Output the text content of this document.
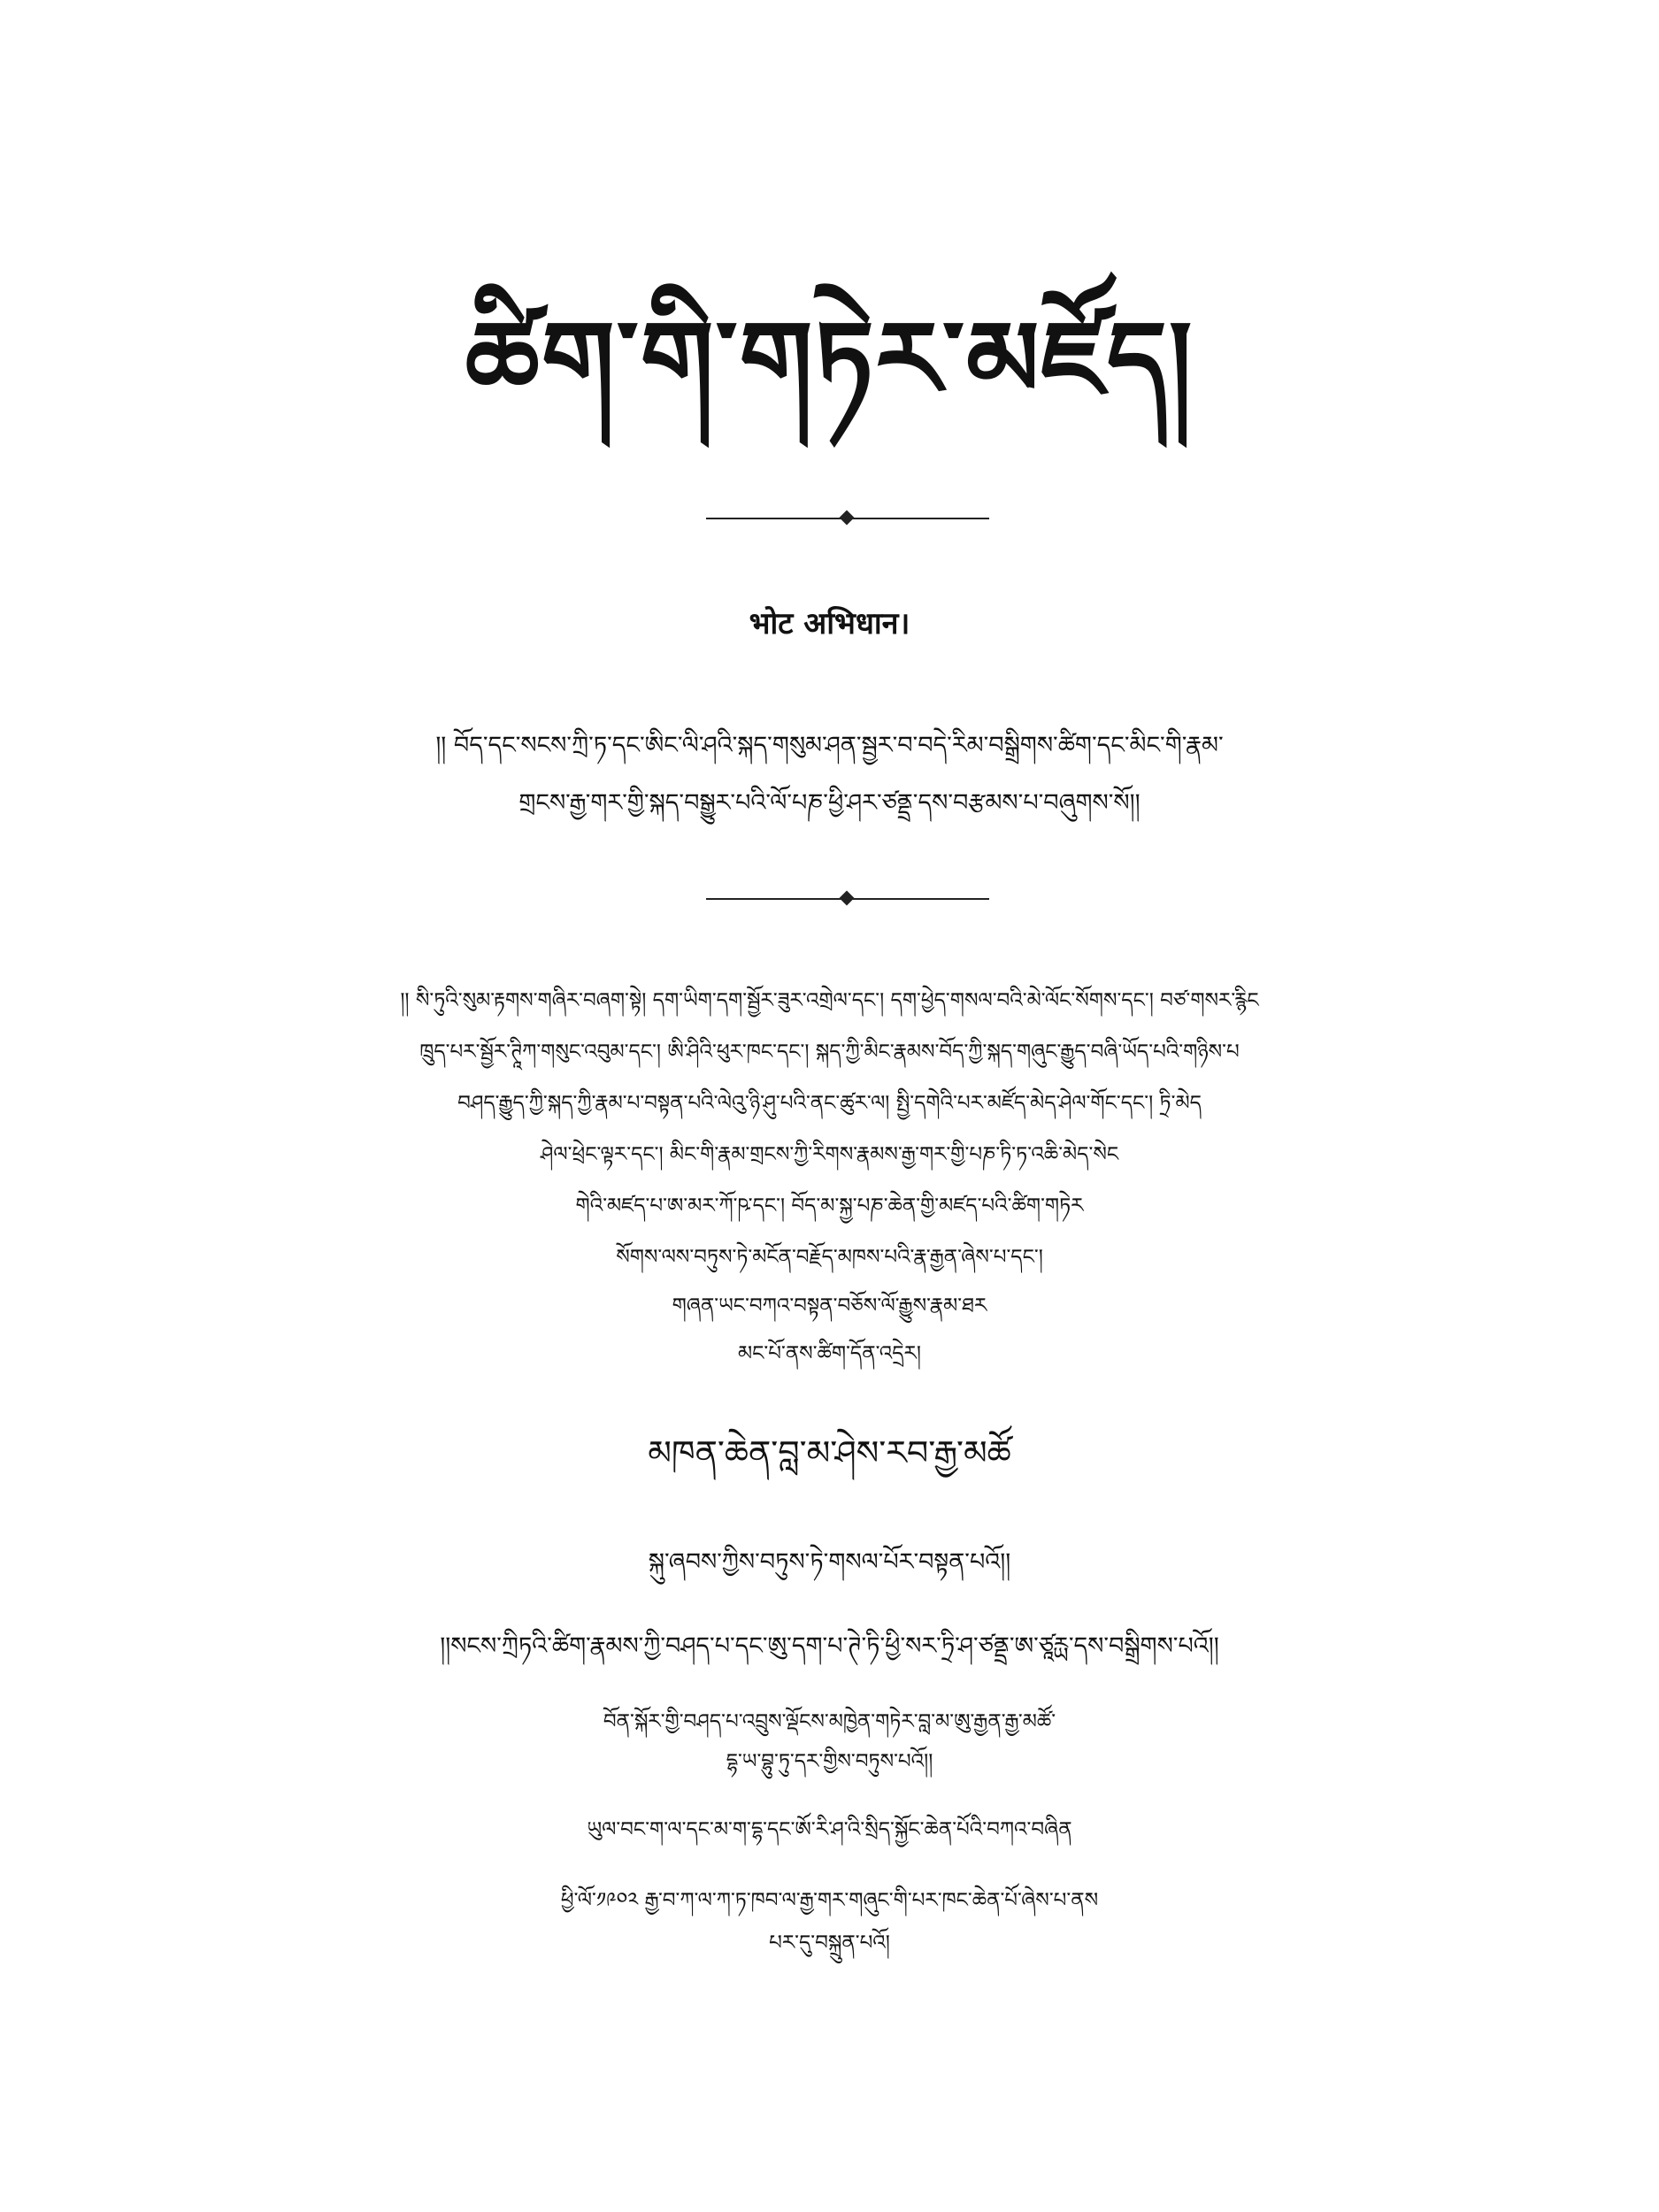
ཚིག་གི་གཏེར་མཛོད།
भोट अभिधान।
།། བོད་དང་སངས་ཀྲི་ཏ་དང་ཨིང་ལི་ཤའི་སྐད་གསུམ་ཤན་སྦྱར་བ་བདེ་རིམ་བསྒྲིགས་ཚིག་དང་མིང་གི་རྣམ་
གྲངས་རྒྱ་གར་གྱི་སྐད་བསྒྱུར་པའི་ལོ་པཎ་ཕྱི་ཤར་ཙནྡྲ་དས་བརྩམས་པ་བཞུགས་སོ།།
།། སི་ཏུའི་སུམ་རྟགས་གཞིར་བཞག་སྟེ། དག་ཡིག་དག་སྦྱོར་ཟུར་འགྲེལ་དང་། དག་ཕྱེད་གསལ་བའི་མེ་ལོང་སོགས་དང་། བཙ་གསར་རྙིང
ཁྲུད་པར་སྦྱོར་ཊཱིཀ་གསུང་འབུམ་དང་། ཨི་ཤིའི་ཕུར་ཁང་དང་། སྐད་ཀྱི་མིང་རྣམས་བོད་ཀྱི་སྐད་གཞུང་རྒྱུད་བཞི་ཡོད་པའི་གཉིས་པ
བཤད་རྒྱུད་ཀྱི་སྐད་ཀྱི་རྣམ་པ་བསྟན་པའི་ལེའུ་ཉི་ཤུ་པའི་ནང་ཚུར་ལ། སྤྱི་དགེའི་པར་མཛོད་མེད་ཤེལ་གོང་དང་། ཏྲི་མེད
ཤེལ་ཕྲེང་ལྟར་དང་། མིང་གི་རྣམ་གྲངས་ཀྱི་རིགས་རྣམས་རྒྱ་གར་གྱི་པཎ་ཏི་ཏ་འཆི་མེད་སེང
གེའི་མཛད་པ་ཨ་མར་ཀོ་ཥ་དང་། བོད་མ་སྐྱ་པཎ་ཆེན་གྱི་མཛད་པའི་ཚིག་གཏེར
སོགས་ལས་བཏུས་ཏེ་མངོན་བརྗོད་མཁས་པའི་རྣ་རྒྱན་ཞེས་པ་དང་།
གཞན་ཡང་བཀའ་བསྟན་བཅོས་ལོ་རྒྱུས་རྣམ་ཐར
མང་པོ་ནས་ཚིག་དོན་འདྲེར།
མཁན་ཆེན་བླ་མ་ཤེས་རབ་རྒྱ་མཚོ
སྐུ་ཞབས་ཀྱིས་བཏུས་ཏེ་གསལ་པོར་བསྟན་པའོ།།
།།སངས་ཀྲིཏའི་ཚིག་རྣམས་ཀྱི་བཤད་པ་དང་ཨུ་དག་པ་ཊེ་ཏི་ཕྱི་སར་ཏྲི་ཤ་ཙནྡྲ་ཨ་ཙཱརྻ་དས་བསྒྲིགས་པའོ།།
བོན་སྐོར་གྱི་བཤད་པ་འབྲུས་ལྡོངས་མཁྱེན་གཏེར་བླ་མ་ཨུ་རྒྱན་རྒྱ་མཚོ་
དྷ་ཡ་བྷུ་ཏུ་དར་གྱིས་བཏུས་པའོ།།
ཡུལ་བང་ག་ལ་དང་མ་ག་དྷ་དང་ཨོ་རི་ཤ་འི་སྲིད་སྐྱོང་ཆེན་པོའི་བཀའ་བཞིན
ཕྱི་ལོ་༡༩༠༢ རྒྱ་བ་ཀ་ལ་ཀ་ཏ་ཁབ་ལ་རྒྱ་གར་གཞུང་གི་པར་ཁང་ཆེན་པོ་ཞེས་པ་ནས
པར་དུ་བསྐྲུན་པའོ།
